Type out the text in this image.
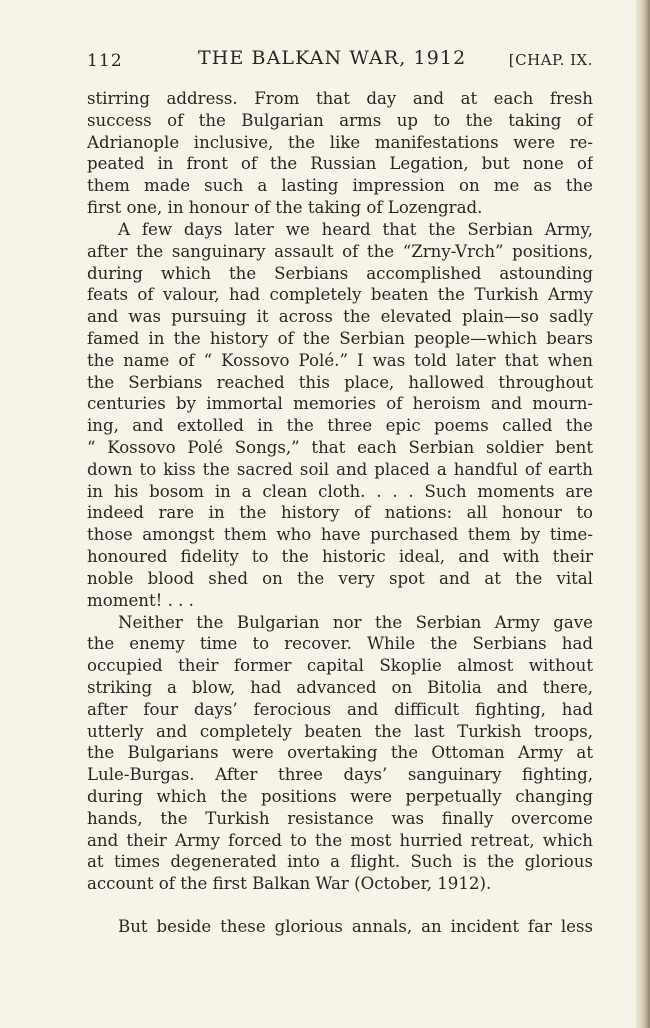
112	THE BALKAN WAR, 1912	[CHAP. IX.
stirring address. From that day and at each fresh
success of the Bulgarian arms up to the taking of
Adrianople inclusive, the like manifestations were re-
peated in front of the Russian Legation, but none of
them made such a lasting impression on me as the
first one, in honour of the taking of Lozengrad.
A few days later we heard that the Serbian Army,
after the sanguinary assault of the “Zrny-Vrch” positions,
during which the Serbians accomplished astounding
feats of valour, had completely beaten the Turkish Army
and was pursuing it across the elevated plain—so sadly
famed in the history of the Serbian people—which bears
the name of “ Kossovo Polé.” I was told later that when
the Serbians reached this place, hallowed throughout
centuries by immortal memories of heroism and mourn-
ing, and extolled in the three epic poems called the
“ Kossovo Polé Songs,” that each Serbian soldier bent
down to kiss the sacred soil and placed a handful of earth
in his bosom in a clean cloth. . . . Such moments are
indeed rare in the history of nations: all honour to
those amongst them who have purchased them by time-
honoured fidelity to the historic ideal, and with their
noble blood shed on the very spot and at the vital
moment! . . .
Neither the Bulgarian nor the Serbian Army gave
the enemy time to recover. While the Serbians had
occupied their former capital Skoplie almost without
striking a blow, had advanced on Bitolia and there,
after four days’ ferocious and difficult fighting, had
utterly and completely beaten the last Turkish troops,
the Bulgarians were overtaking the Ottoman Army at
Lule-Burgas. After three days’ sanguinary fighting,
during which the positions were perpetually changing
hands, the Turkish resistance was finally overcome
and their Army forced to the most hurried retreat, which
at times degenerated into a flight. Such is the glorious
account of the first Balkan War (October, 1912).
But beside these glorious annals, an incident far less
